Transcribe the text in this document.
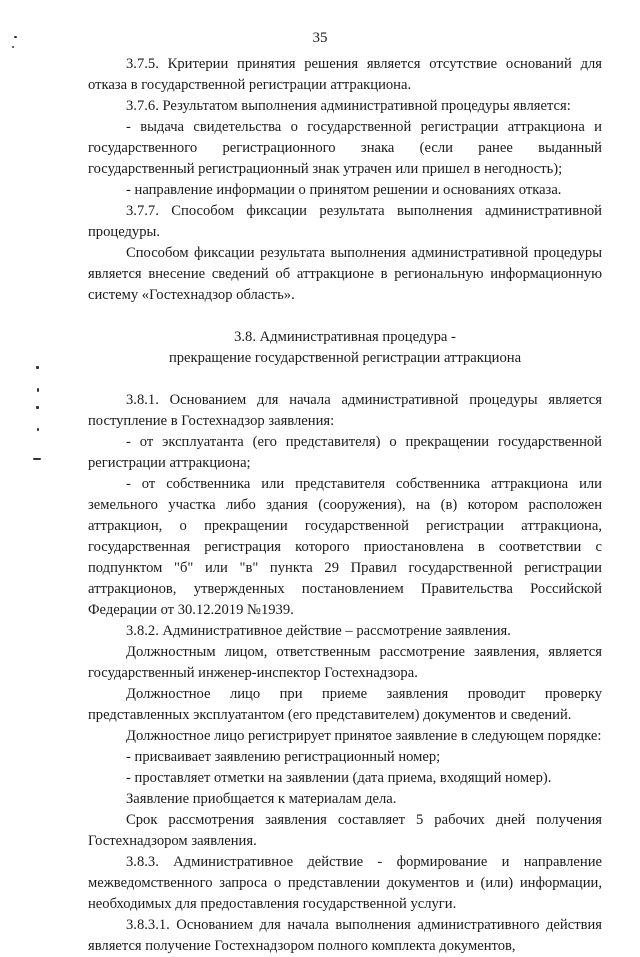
35

3.7.5. Критерии принятия решения является отсутствие оснований для отказа в государственной регистрации аттракциона.

3.7.6. Результатом выполнения административной процедуры является:

- выдача свидетельства о государственной регистрации аттракциона и государственного регистрационного знака (если ранее выданный государственный регистрационный знак утрачен или пришел в негодность);

- направление информации о принятом решении и основаниях отказа.

3.7.7. Способом фиксации результата выполнения административной процедуры.

Способом фиксации результата выполнения административной процедуры является внесение сведений об аттракционе в региональную информационную систему «Гостехнадзор область».

3.8. Административная процедура -
прекращение государственной регистрации аттракциона

3.8.1. Основанием для начала административной процедуры является поступление в Гостехнадзор заявления:

- от эксплуатанта (его представителя) о прекращении государственной регистрации аттракциона;

- от собственника или представителя собственника аттракциона или земельного участка либо здания (сооружения), на (в) котором расположен аттракцион, о прекращении государственной регистрации аттракциона, государственная регистрация которого приостановлена в соответствии с подпунктом "б" или "в" пункта 29 Правил государственной регистрации аттракционов, утвержденных постановлением Правительства Российской Федерации от 30.12.2019 №1939.

3.8.2. Административное действие – рассмотрение заявления.

Должностным лицом, ответственным рассмотрение заявления, является государственный инженер-инспектор Гостехнадзора.

Должностное лицо при приеме заявления проводит проверку представленных эксплуатантом (его представителем) документов и сведений.

Должностное лицо регистрирует принятое заявление в следующем порядке:

- присваивает заявлению регистрационный номер;

- проставляет отметки на заявлении (дата приема, входящий номер).

Заявление приобщается к материалам дела.

Срок рассмотрения заявления составляет 5 рабочих дней получения Гостехнадзором заявления.

3.8.3. Административное действие - формирование и направление межведомственного запроса о представлении документов и (или) информации, необходимых для предоставления государственной услуги.

3.8.3.1. Основанием для начала выполнения административного действия является получение Гостехнадзором полного комплекта документов,
